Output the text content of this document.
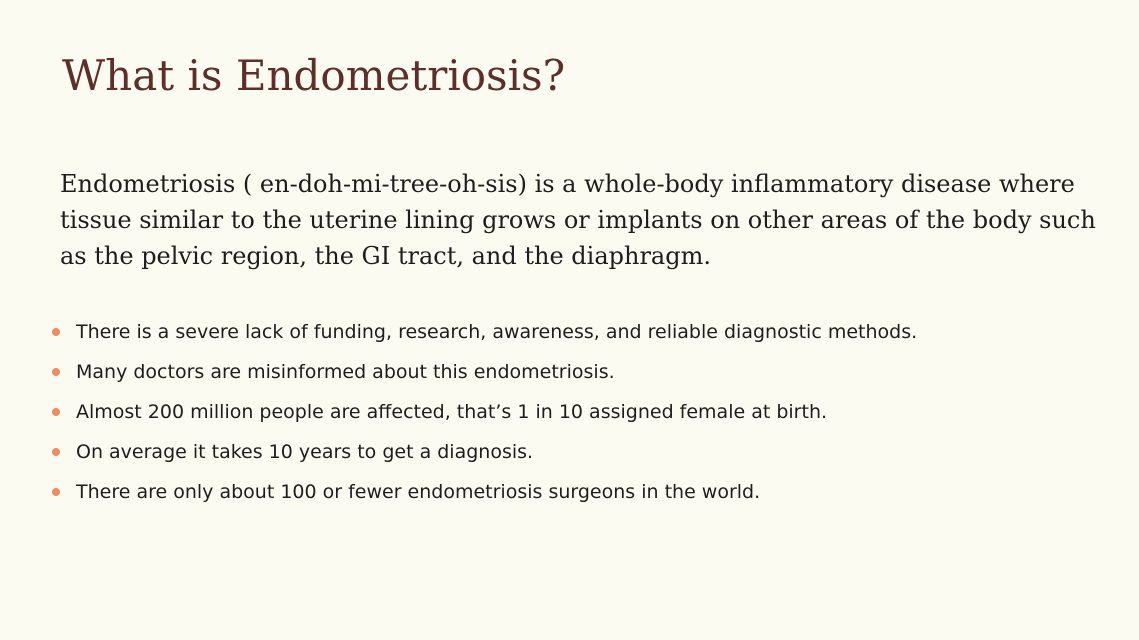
What is Endometriosis?

Endometriosis ( en-doh-mi-tree-oh-sis) is a whole-body inflammatory disease where tissue similar to the uterine lining grows or implants on other areas of the body such as the pelvic region, the GI tract, and the diaphragm.

There is a severe lack of funding, research, awareness, and reliable diagnostic methods.
Many doctors are misinformed about this endometriosis.
Almost 200 million people are affected, that’s 1 in 10 assigned female at birth.
On average it takes 10 years to get a diagnosis.
There are only about 100 or fewer endometriosis surgeons in the world.
